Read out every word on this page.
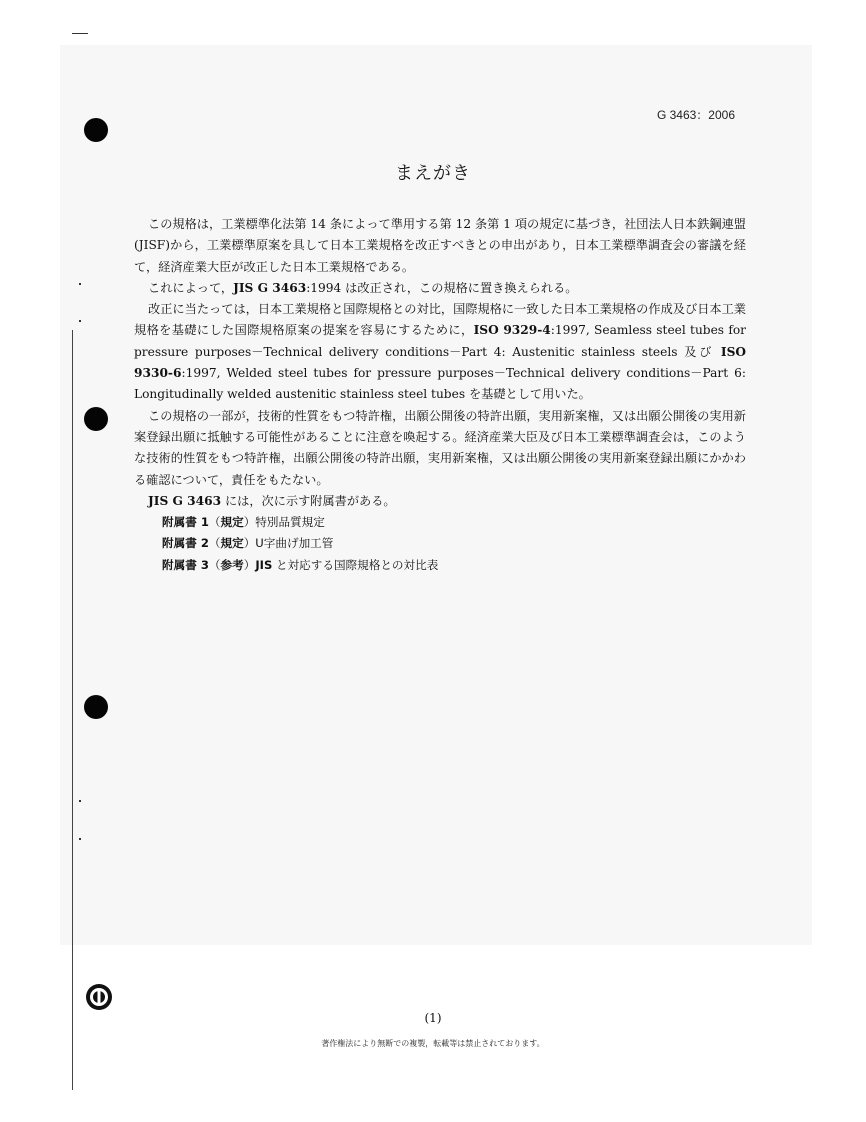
G 3463：2006
まえがき

この規格は，工業標準化法第 14 条によって準用する第 12 条第 1 項の規定に基づき，社団法人日本鉄鋼連盟(JISF)から，工業標準原案を具して日本工業規格を改正すべきとの申出があり，日本工業標準調査会の審議を経て，経済産業大臣が改正した日本工業規格である。

これによって，JIS G 3463:1994 は改正され，この規格に置き換えられる。

改正に当たっては，日本工業規格と国際規格との対比，国際規格に一致した日本工業規格の作成及び日本工業規格を基礎にした国際規格原案の提案を容易にするために，ISO 9329-4:1997, Seamless steel tubes for pressure purposes－Technical delivery conditions－Part 4: Austenitic stainless steels 及び ISO 9330-6:1997, Welded steel tubes for pressure purposes－Technical delivery conditions－Part 6: Longitudinally welded austenitic stainless steel tubes を基礎として用いた。

この規格の一部が，技術的性質をもつ特許権，出願公開後の特許出願，実用新案権，又は出願公開後の実用新案登録出願に抵触する可能性があることに注意を喚起する。経済産業大臣及び日本工業標準調査会は，このような技術的性質をもつ特許権，出願公開後の特許出願，実用新案権，又は出願公開後の実用新案登録出願にかかわる確認について，責任をもたない。

JIS G 3463 には，次に示す附属書がある。

附属書 1（規定）特別品質規定

附属書 2（規定）U字曲げ加工管

附属書 3（参考）JIS と対応する国際規格との対比表

(1)
著作権法により無断での複製，転載等は禁止されております。
